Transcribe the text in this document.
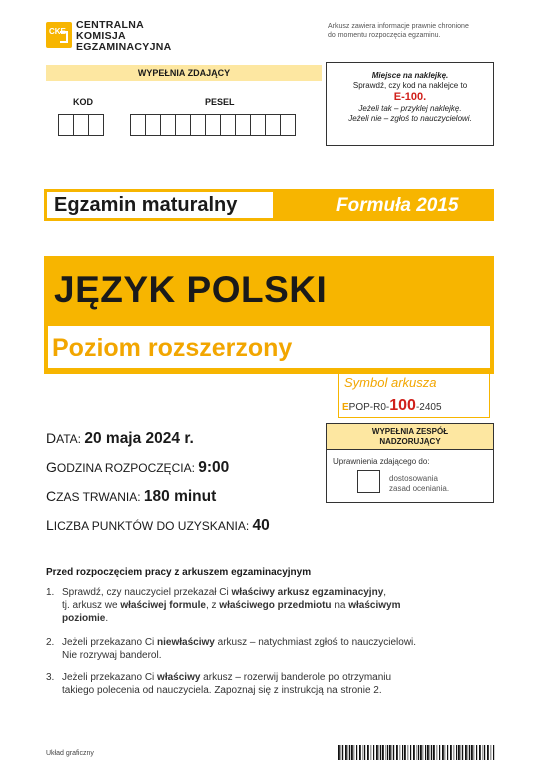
CKE
CENTRALNA
KOMISJA
EGZAMINACYJNA
Arkusz zawiera informacje prawnie chronione
do momentu rozpoczęcia egzaminu.
WYPEŁNIA ZDAJĄCY
KOD	PESEL
Miejsce na naklejkę.
Sprawdź, czy kod na naklejce to
E-100.
Jeżeli tak – przyklej naklejkę.
Jeżeli nie – zgłoś to nauczycielowi.
Egzamin maturalny	Formuła 2015
JĘZYK POLSKI
Poziom rozszerzony
Symbol arkusza
EPOP-R0-100-2405
DATA: 20 maja 2024 r.
GODZINA ROZPOCZĘCIA: 9:00
CZAS TRWANIA: 180 minut
LICZBA PUNKTÓW DO UZYSKANIA: 40
WYPEŁNIA ZESPÓŁ
NADZORUJĄCY
Uprawnienia zdającego do:
dostosowania
zasad oceniania.
Przed rozpoczęciem pracy z arkuszem egzaminacyjnym
1. Sprawdź, czy nauczyciel przekazał Ci właściwy arkusz egzaminacyjny,
tj. arkusz we właściwej formule, z właściwego przedmiotu na właściwym
poziomie.
2. Jeżeli przekazano Ci niewłaściwy arkusz – natychmiast zgłoś to nauczycielowi.
Nie rozrywaj banderol.
3. Jeżeli przekazano Ci właściwy arkusz – rozerwij banderole po otrzymaniu
takiego polecenia od nauczyciela. Zapoznaj się z instrukcją na stronie 2.
Układ graficzny
